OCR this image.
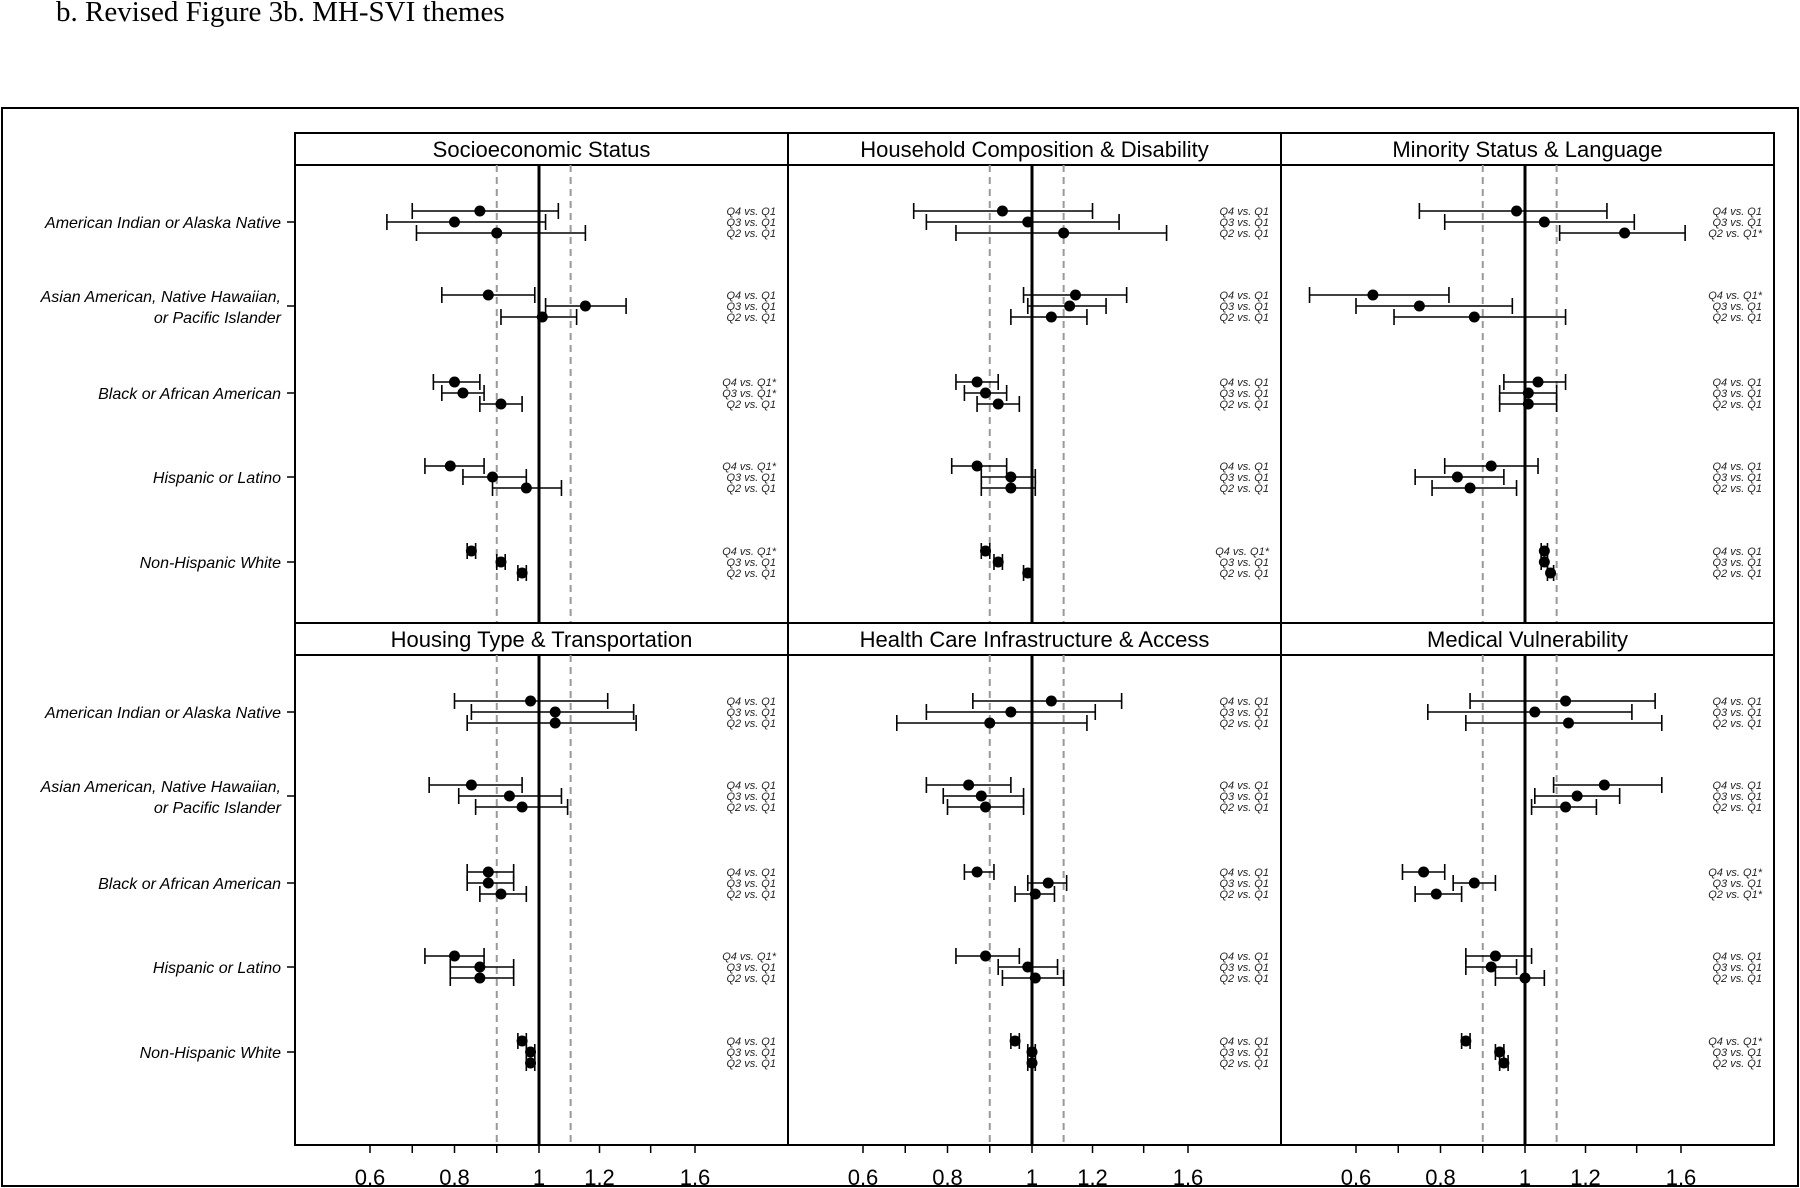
b. Revised Figure 3b. MH-SVI themes
Socioeconomic Status
Q4 vs. Q1
Q3 vs. Q1
Q2 vs. Q1
American Indian or Alaska Native
Q4 vs. Q1
Q3 vs. Q1
Q2 vs. Q1
Asian American, Native Hawaiian,
or Pacific Islander
Q4 vs. Q1*
Q3 vs. Q1*
Q2 vs. Q1
Black or African American
Q4 vs. Q1*
Q3 vs. Q1
Q2 vs. Q1
Hispanic or Latino
Q4 vs. Q1*
Q3 vs. Q1
Q2 vs. Q1
Non-Hispanic White
Household Composition & Disability
Q4 vs. Q1
Q3 vs. Q1
Q2 vs. Q1
Q4 vs. Q1
Q3 vs. Q1
Q2 vs. Q1
Q4 vs. Q1
Q3 vs. Q1
Q2 vs. Q1
Q4 vs. Q1
Q3 vs. Q1
Q2 vs. Q1
Q4 vs. Q1*
Q3 vs. Q1
Q2 vs. Q1
Minority Status & Language
Q4 vs. Q1
Q3 vs. Q1
Q2 vs. Q1*
Q4 vs. Q1*
Q3 vs. Q1
Q2 vs. Q1
Q4 vs. Q1
Q3 vs. Q1
Q2 vs. Q1
Q4 vs. Q1
Q3 vs. Q1
Q2 vs. Q1
Q4 vs. Q1
Q3 vs. Q1
Q2 vs. Q1
Housing Type & Transportation
Q4 vs. Q1
Q3 vs. Q1
Q2 vs. Q1
American Indian or Alaska Native
Q4 vs. Q1
Q3 vs. Q1
Q2 vs. Q1
Asian American, Native Hawaiian,
or Pacific Islander
Q4 vs. Q1
Q3 vs. Q1
Q2 vs. Q1
Black or African American
Q4 vs. Q1*
Q3 vs. Q1
Q2 vs. Q1
Hispanic or Latino
Q4 vs. Q1
Q3 vs. Q1
Q2 vs. Q1
Non-Hispanic White
0.6 0.8	1 1.2	1.6
Health Care Infrastructure & Access
Q4 vs. Q1
Q3 vs. Q1
Q2 vs. Q1
Q4 vs. Q1
Q3 vs. Q1
Q2 vs. Q1
Q4 vs. Q1
Q3 vs. Q1
Q2 vs. Q1
Q4 vs. Q1
Q3 vs. Q1
Q2 vs. Q1
Q4 vs. Q1
Q3 vs. Q1
Q2 vs. Q1
0.6 0.8	1 1.2	1.6
Medical Vulnerability
Q4 vs. Q1
Q3 vs. Q1
Q2 vs. Q1
Q4 vs. Q1
Q3 vs. Q1
Q2 vs. Q1
Q4 vs. Q1*
Q3 vs. Q1
Q2 vs. Q1*
Q4 vs. Q1
Q3 vs. Q1
Q2 vs. Q1
Q4 vs. Q1*
Q3 vs. Q1
Q2 vs. Q1
0.6 0.8	1 1.2	1.6
